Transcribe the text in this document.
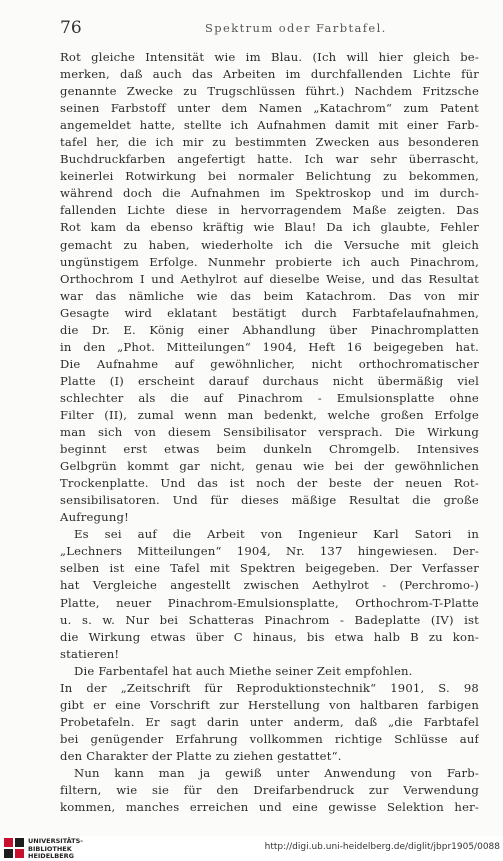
76	Spektrum oder Farbtafel.
Rot gleiche Intensität wie im Blau. (Ich will hier gleich be-
merken, daß auch das Arbeiten im durchfallenden Lichte für
genannte Zwecke zu Trugschlüssen führt.) Nachdem Fritzsche
seinen Farbstoff unter dem Namen „Katachrom“ zum Patent
angemeldet hatte, stellte ich Aufnahmen damit mit einer Farb-
tafel her, die ich mir zu bestimmten Zwecken aus besonderen
Buchdruckfarben angefertigt hatte. Ich war sehr überrascht,
keinerlei Rotwirkung bei normaler Belichtung zu bekommen,
während doch die Aufnahmen im Spektroskop und im durch-
fallenden Lichte diese in hervorragendem Maße zeigten. Das
Rot kam da ebenso kräftig wie Blau! Da ich glaubte, Fehler
gemacht zu haben, wiederholte ich die Versuche mit gleich
ungünstigem Erfolge. Nunmehr probierte ich auch Pinachrom,
Orthochrom I und Aethylrot auf dieselbe Weise, und das Resultat
war das nämliche wie das beim Katachrom. Das von mir
Gesagte wird eklatant bestätigt durch Farbtafelaufnahmen,
die Dr. E. König einer Abhandlung über Pinachromplatten
in den „Phot. Mitteilungen“ 1904, Heft 16 beigegeben hat.
Die Aufnahme auf gewöhnlicher, nicht orthochromatischer
Platte (I) erscheint darauf durchaus nicht übermäßig viel
schlechter als die auf Pinachrom - Emulsionsplatte ohne
Filter (II), zumal wenn man bedenkt, welche großen Erfolge
man sich von diesem Sensibilisator versprach. Die Wirkung
beginnt erst etwas beim dunkeln Chromgelb. Intensives
Gelbgrün kommt gar nicht, genau wie bei der gewöhnlichen
Trockenplatte. Und das ist noch der beste der neuen Rot-
sensibilisatoren. Und für dieses mäßige Resultat die große
Aufregung!
Es sei auf die Arbeit von Ingenieur Karl Satori in
„Lechners Mitteilungen“ 1904, Nr. 137 hingewiesen. Der-
selben ist eine Tafel mit Spektren beigegeben. Der Verfasser
hat Vergleiche angestellt zwischen Aethylrot - (Perchromo-)
Platte, neuer Pinachrom-Emulsionsplatte, Orthochrom-T-Platte
u. s. w. Nur bei Schatteras Pinachrom - Badeplatte (IV) ist
die Wirkung etwas über C hinaus, bis etwa halb B zu kon-
statieren!
Die Farbentafel hat auch Miethe seiner Zeit empfohlen.
In der „Zeitschrift für Reproduktionstechnik“ 1901, S. 98
gibt er eine Vorschrift zur Herstellung von haltbaren farbigen
Probetafeln. Er sagt darin unter anderm, daß „die Farbtafel
bei genügender Erfahrung vollkommen richtige Schlüsse auf
den Charakter der Platte zu ziehen gestattet“.
Nun kann man ja gewiß unter Anwendung von Farb-
filtern, wie sie für den Dreifarbendruck zur Verwendung
kommen, manches erreichen und eine gewisse Selektion her-
UNIVERSITÄTS-
BIBLIOTHEK
HEIDELBERG
http://digi.ub.uni-heidelberg.de/diglit/jbpr1905/0088
